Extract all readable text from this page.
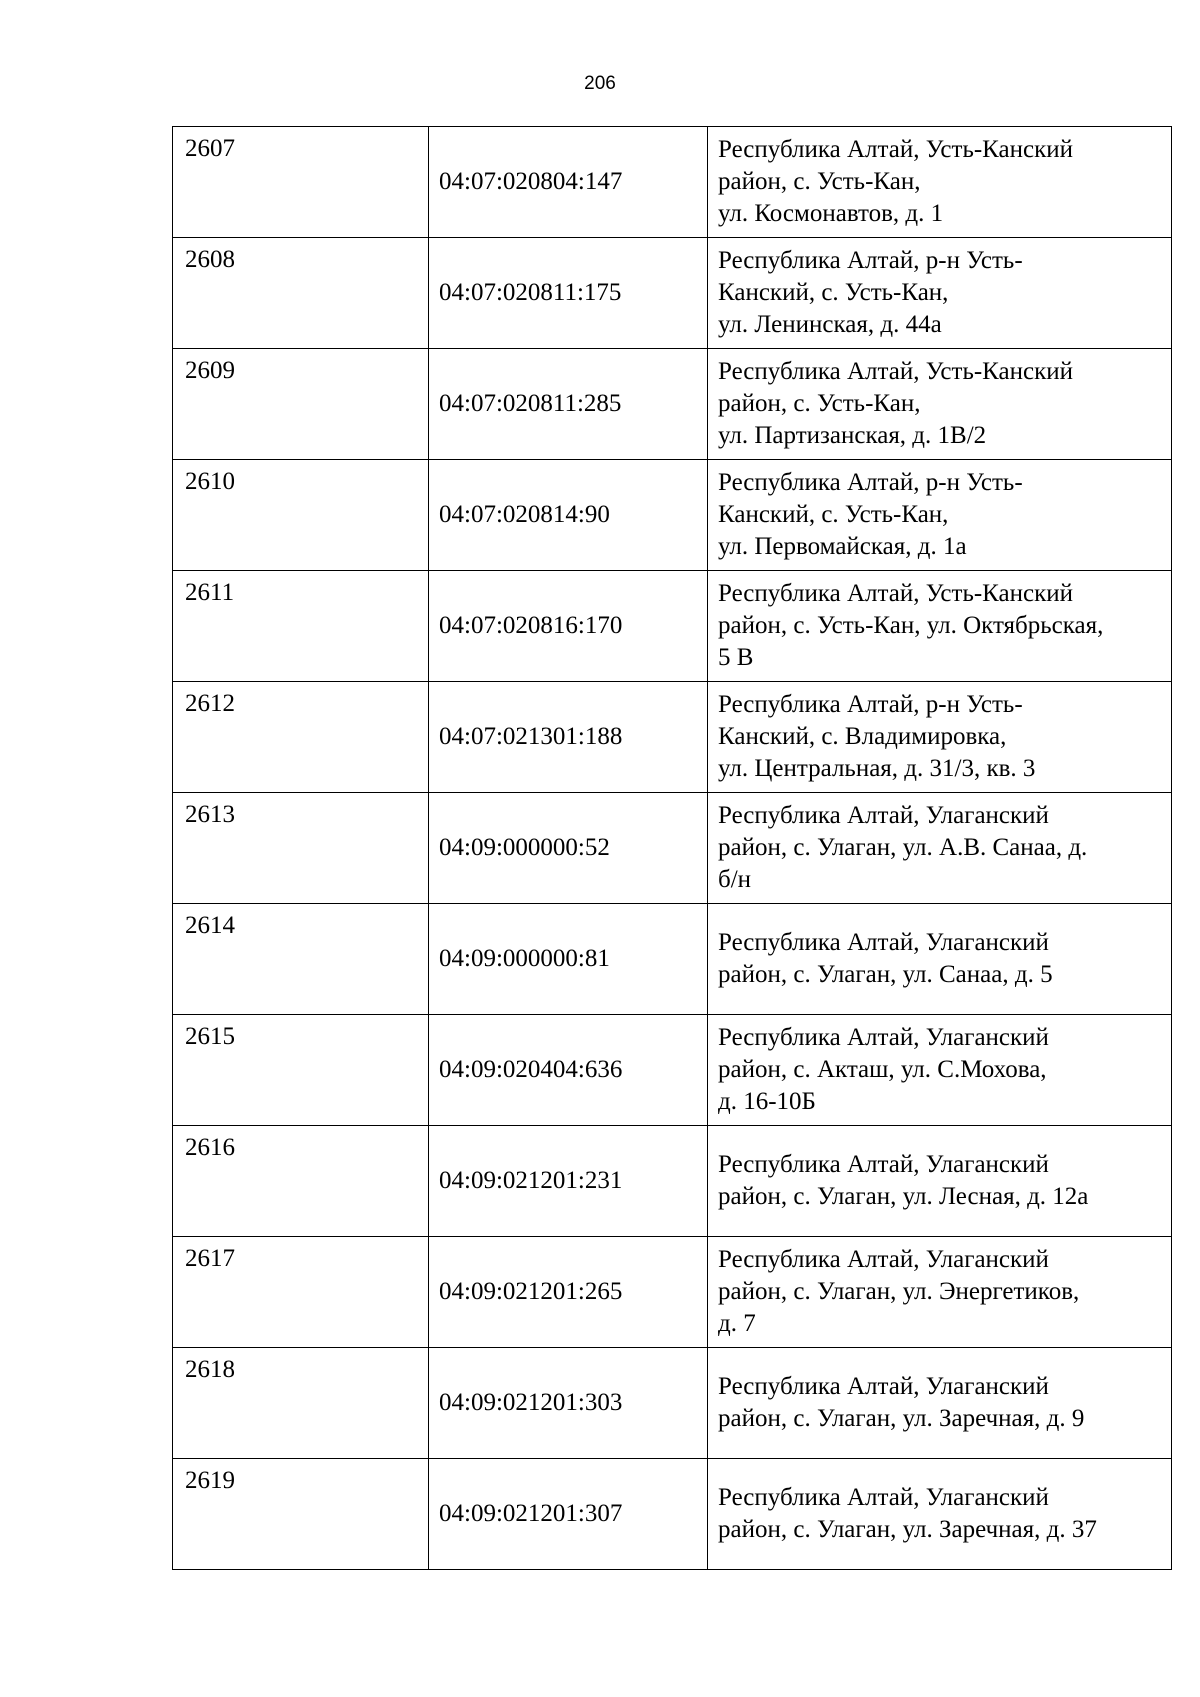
206
2607	04:07:020804:147	Республика Алтай, Усть-Канский
район, с. Усть-Кан,
ул. Космонавтов, д. 1

2608	04:07:020811:175	Республика Алтай, р-н Усть-
Канский, с. Усть-Кан,
ул. Ленинская, д. 44а

2609	04:07:020811:285	Республика Алтай, Усть-Канский
район, с. Усть-Кан,
ул. Партизанская, д. 1В/2

2610	04:07:020814:90	Республика Алтай, р-н Усть-
Канский, с. Усть-Кан,
ул. Первомайская, д. 1а

2611	04:07:020816:170	Республика Алтай, Усть-Канский
район, с. Усть-Кан, ул. Октябрьская,
5 В

2612	04:07:021301:188	Республика Алтай, р-н Усть-
Канский, с. Владимировка,
ул. Центральная, д. 31/3, кв. 3

2613	04:09:000000:52	Республика Алтай, Улаганский
район, с. Улаган, ул. А.В. Санаа, д.
б/н

2614	04:09:000000:81	Республика Алтай, Улаганский
район, с. Улаган, ул. Санаа, д. 5

2615	04:09:020404:636	Республика Алтай, Улаганский
район, с. Акташ, ул. С.Мохова,
д. 16-10Б

2616	04:09:021201:231	Республика Алтай, Улаганский
район, с. Улаган, ул. Лесная, д. 12а

2617	04:09:021201:265	Республика Алтай, Улаганский
район, с. Улаган, ул. Энергетиков,
д. 7

2618	04:09:021201:303	Республика Алтай, Улаганский
район, с. Улаган, ул. Заречная, д. 9

2619	04:09:021201:307	Республика Алтай, Улаганский
район, с. Улаган, ул. Заречная, д. 37
